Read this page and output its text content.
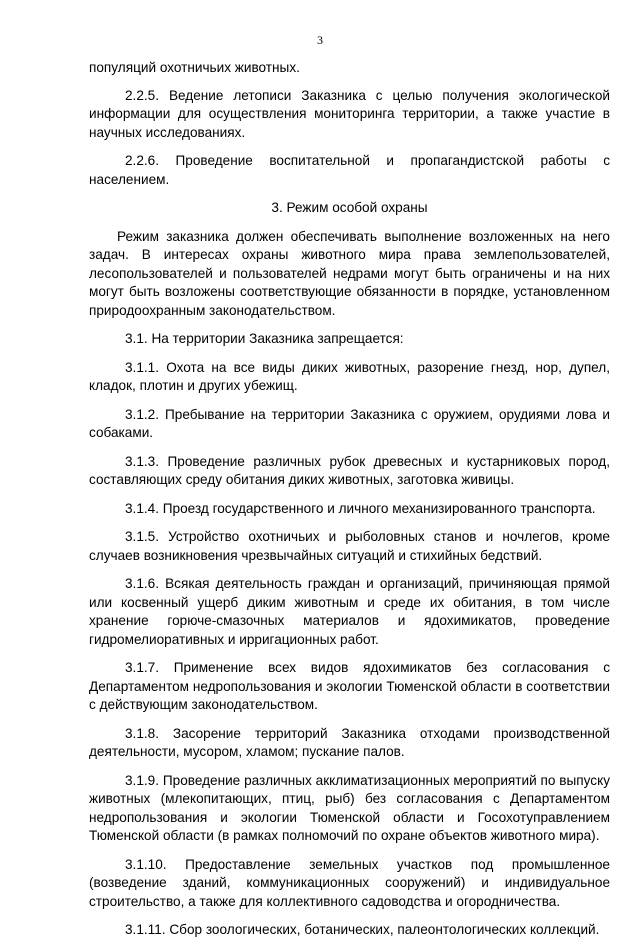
3

популяций охотничьих животных.

2.2.5. Ведение летописи Заказника с целью получения экологической информации для осуществления мониторинга территории, а также участие в научных исследованиях.

2.2.6. Проведение воспитательной и пропагандистской работы с населением.

3. Режим особой охраны

Режим заказника должен обеспечивать выполнение возложенных на него задач. В интересах охраны животного мира права землепользователей, лесопользователей и пользователей недрами могут быть ограничены и на них могут быть возложены соответствующие обязанности в порядке, установленном природоохранным законодательством.

3.1. На территории Заказника запрещается:

3.1.1. Охота на все виды диких животных, разорение гнезд, нор, дупел, кладок, плотин и других убежищ.

3.1.2. Пребывание на территории Заказника с оружием, орудиями лова и собаками.

3.1.3. Проведение различных рубок древесных и кустарниковых пород, составляющих среду обитания диких животных, заготовка живицы.

3.1.4. Проезд государственного и личного механизированного транспорта.

3.1.5. Устройство охотничьих и рыболовных станов и ночлегов, кроме случаев возникновения чрезвычайных ситуаций и стихийных бедствий.

3.1.6. Всякая деятельность граждан и организаций, причиняющая прямой или косвенный ущерб диким животным и среде их обитания, в том числе хранение горюче-смазочных материалов и ядохимикатов, проведение гидромелиоративных и ирригационных работ.

3.1.7. Применение всех видов ядохимикатов без согласования с Департаментом недропользования и экологии Тюменской области в соответствии с действующим законодательством.

3.1.8. Засорение территорий Заказника отходами производственной деятельности, мусором, хламом; пускание палов.

3.1.9. Проведение различных акклиматизационных мероприятий по выпуску животных (млекопитающих, птиц, рыб) без согласования с Департаментом недропользования и экологии Тюменской области и Госохотуправлением Тюменской области (в рамках полномочий по охране объектов животного мира).

3.1.10. Предоставление земельных участков под промышленное (возведение зданий, коммуникационных сооружений) и индивидуальное строительство, а также для коллективного садоводства и огородничества.

3.1.11. Сбор зоологических, ботанических, палеонтологических коллекций.
